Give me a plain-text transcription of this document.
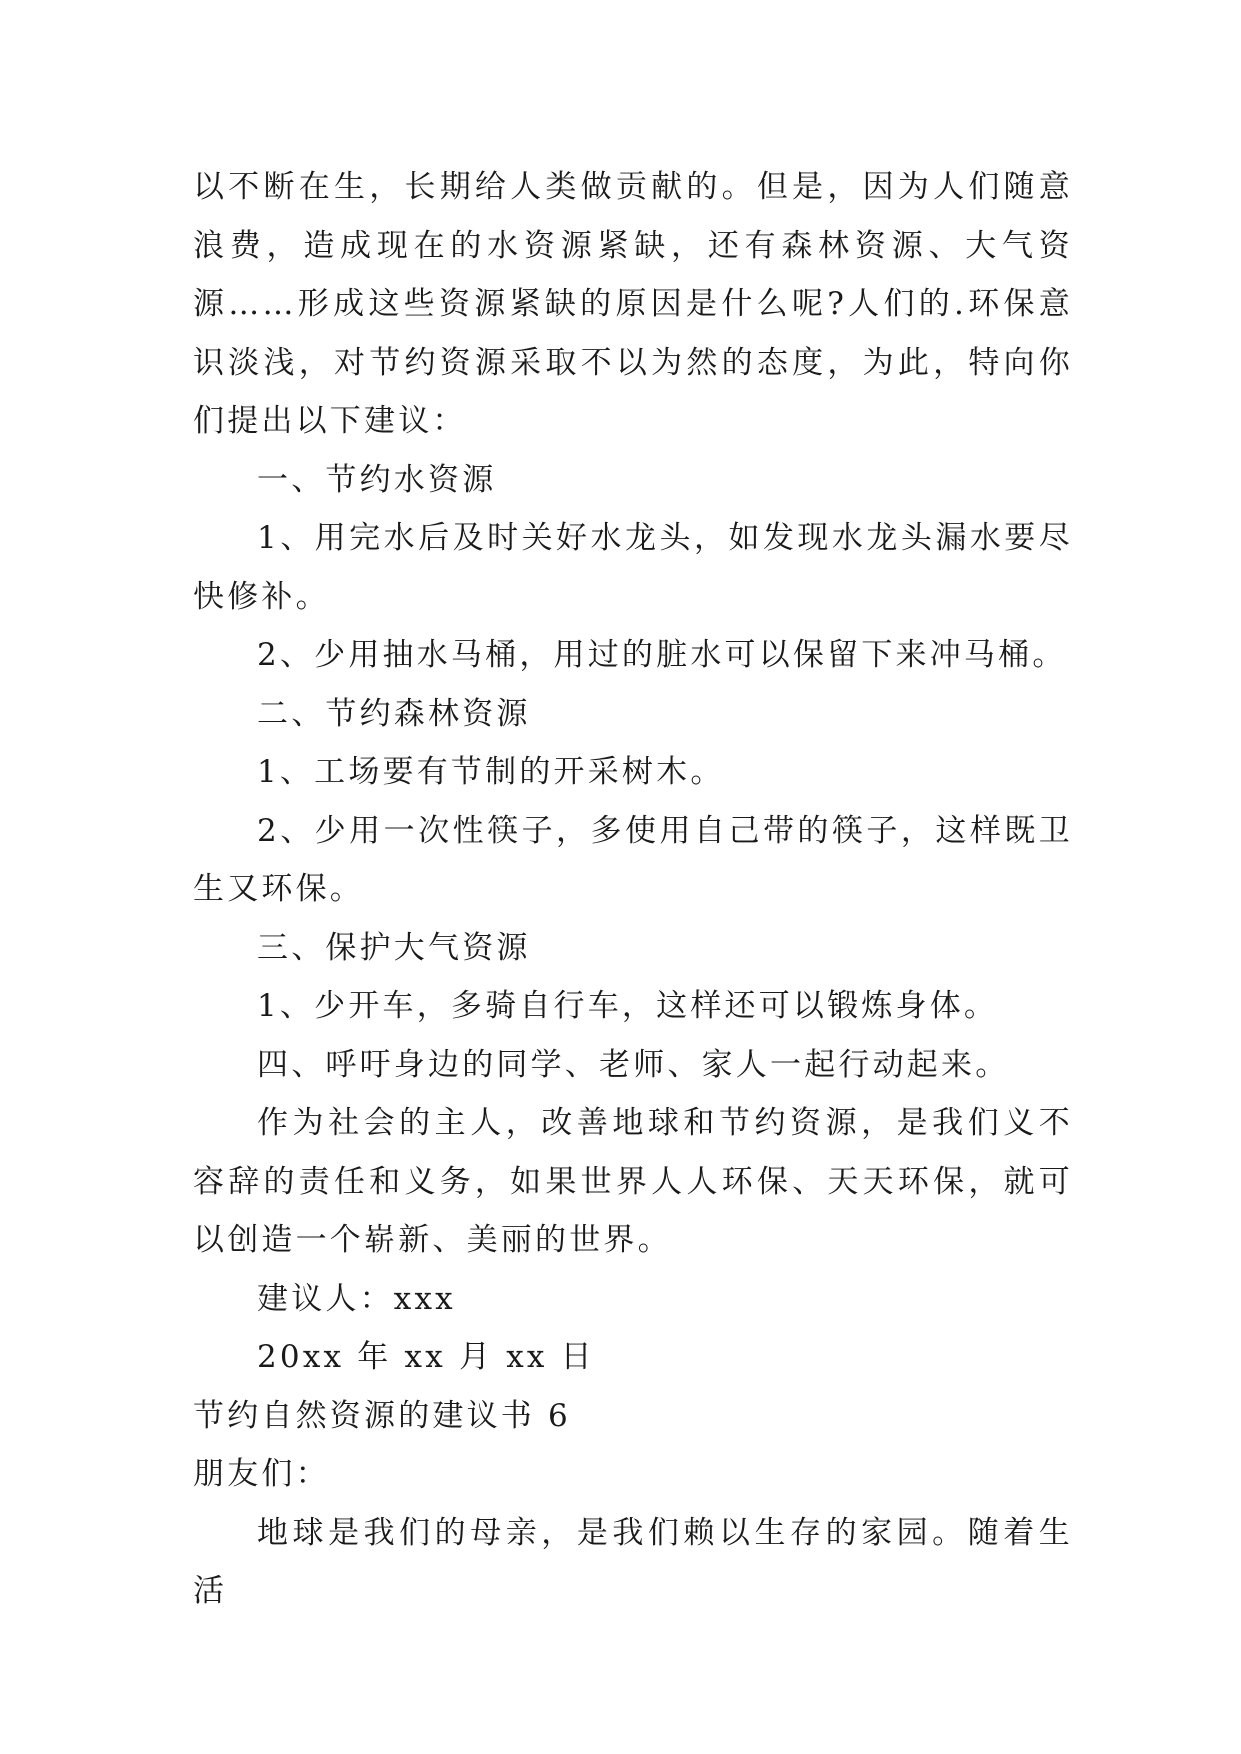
以不断在生，长期给人类做贡献的。但是，因为人们随意浪费，造成现在的水资源紧缺，还有森林资源、大气资源……形成这些资源紧缺的原因是什么呢?人们的.环保意识淡浅，对节约资源采取不以为然的态度，为此，特向你们提出以下建议：

一、节约水资源

1、用完水后及时关好水龙头，如发现水龙头漏水要尽快修补。

2、少用抽水马桶，用过的脏水可以保留下来冲马桶。

二、节约森林资源

1、工场要有节制的开采树木。

2、少用一次性筷子，多使用自己带的筷子，这样既卫生又环保。

三、保护大气资源

1、少开车，多骑自行车，这样还可以锻炼身体。

四、呼吁身边的同学、老师、家人一起行动起来。

作为社会的主人，改善地球和节约资源，是我们义不容辞的责任和义务，如果世界人人环保、天天环保，就可以创造一个崭新、美丽的世界。

建议人：xxx

20xx 年 xx 月 xx 日

节约自然资源的建议书 6

朋友们：

地球是我们的母亲，是我们赖以生存的家园。随着生活
